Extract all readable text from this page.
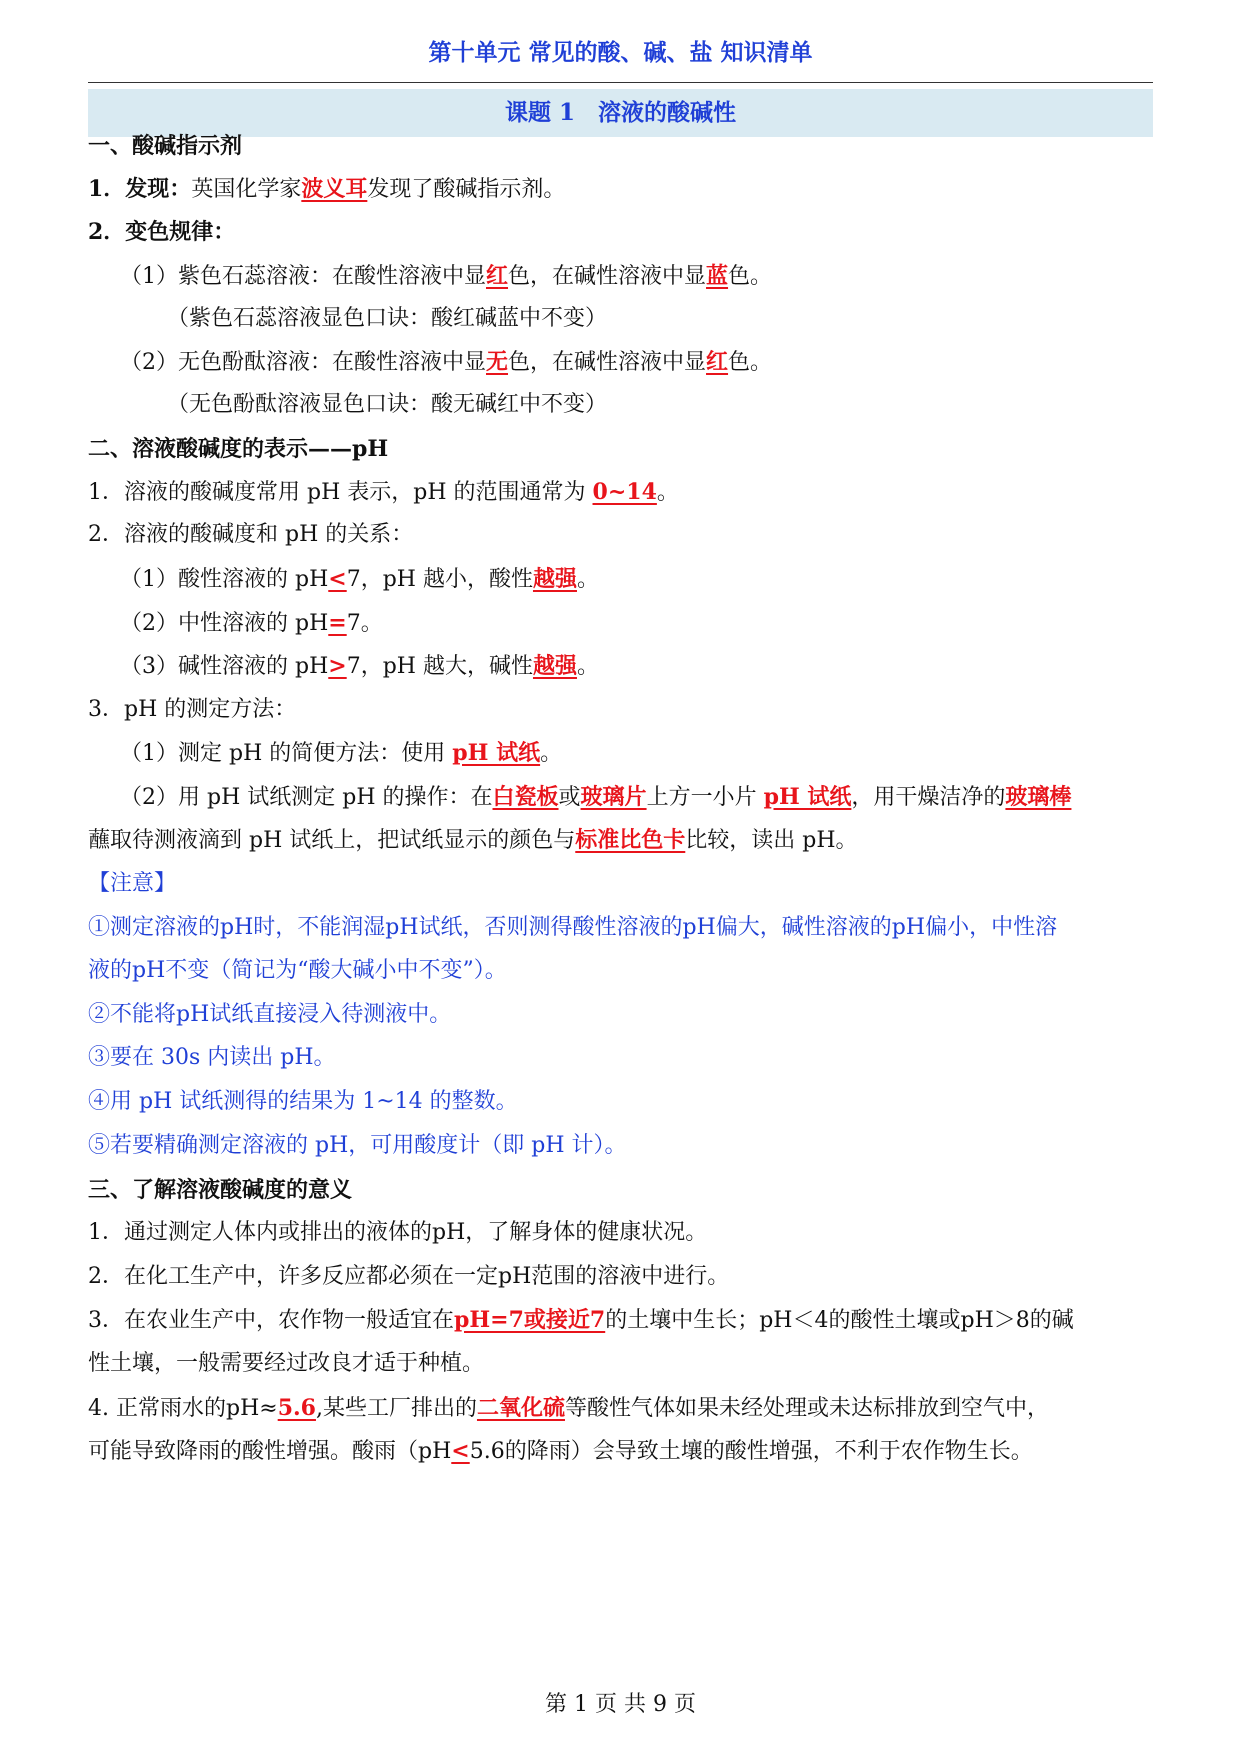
第十单元 常见的酸、碱、盐 知识清单
课题 1　溶液的酸碱性
一、酸碱指示剂
1．发现：英国化学家波义耳发现了酸碱指示剂。
2．变色规律：
（1）紫色石蕊溶液：在酸性溶液中显红色，在碱性溶液中显蓝色。
（紫色石蕊溶液显色口诀：酸红碱蓝中不变）
（2）无色酚酞溶液：在酸性溶液中显无色，在碱性溶液中显红色。
（无色酚酞溶液显色口诀：酸无碱红中不变）
二、溶液酸碱度的表示——pH
1．溶液的酸碱度常用 pH 表示，pH 的范围通常为 0~14。
2．溶液的酸碱度和 pH 的关系：
（1）酸性溶液的 pH<7，pH 越小，酸性越强。
（2）中性溶液的 pH=7。
（3）碱性溶液的 pH>7，pH 越大，碱性越强。
3．pH 的测定方法：
（1）测定 pH 的简便方法：使用 pH 试纸。
（2）用 pH 试纸测定 pH 的操作：在白瓷板或玻璃片上方一小片 pH 试纸，用干燥洁净的玻璃棒
蘸取待测液滴到 pH 试纸上，把试纸显示的颜色与标准比色卡比较，读出 pH。
【注意】
①测定溶液的pH时，不能润湿pH试纸，否则测得酸性溶液的pH偏大，碱性溶液的pH偏小，中性溶
液的pH不变（简记为“酸大碱小中不变”）。
②不能将pH试纸直接浸入待测液中。
③要在 30s 内读出 pH。
④用 pH 试纸测得的结果为 1~14 的整数。
⑤若要精确测定溶液的 pH，可用酸度计（即 pH 计）。
三、了解溶液酸碱度的意义
1．通过测定人体内或排出的液体的pH，了解身体的健康状况。
2．在化工生产中，许多反应都必须在一定pH范围的溶液中进行。
3．在农业生产中，农作物一般适宜在pH=7或接近7的土壤中生长；pH＜4的酸性土壤或pH＞8的碱
性土壤，一般需要经过改良才适于种植。
4. 正常雨水的pH≈5.6,某些工厂排出的二氧化硫等酸性气体如果未经处理或未达标排放到空气中，
可能导致降雨的酸性增强。酸雨（pH<5.6的降雨）会导致土壤的酸性增强，不利于农作物生长。
第 1 页 共 9 页
